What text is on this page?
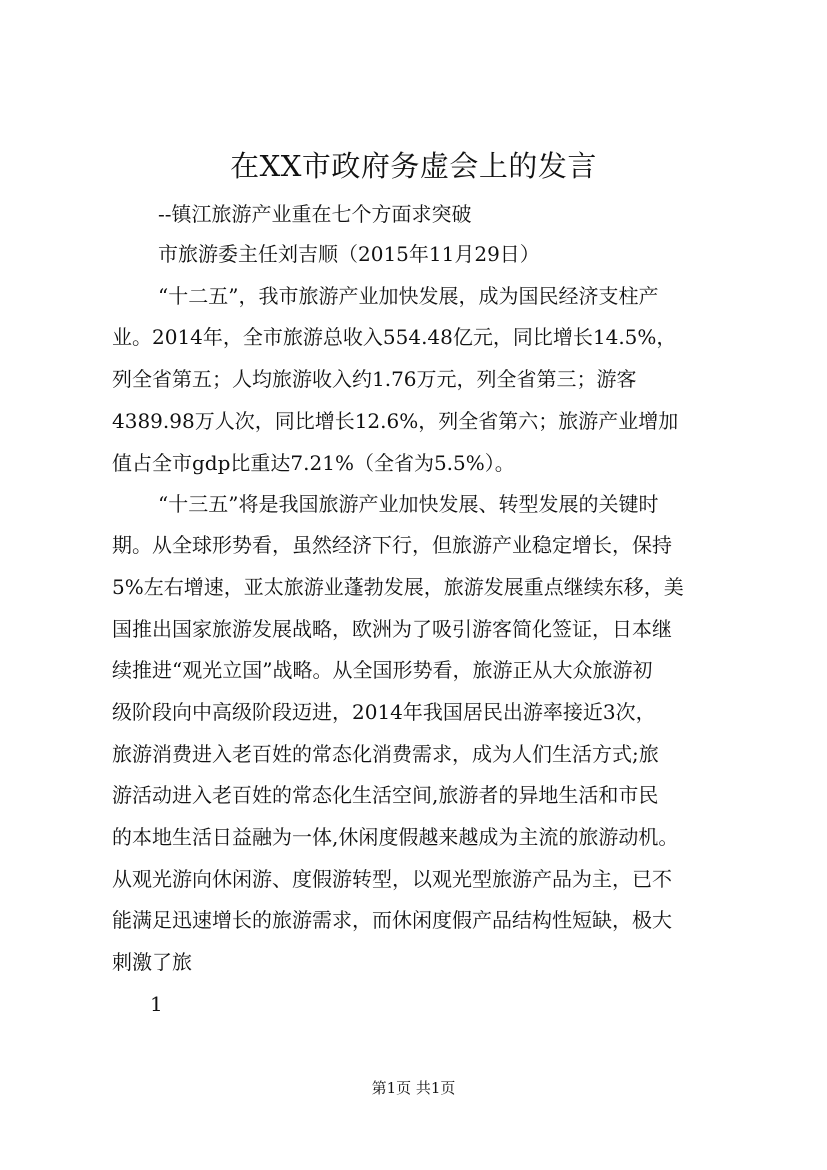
在XX市政府务虚会上的发言
--镇江旅游产业重在七个方面求突破
市旅游委主任刘吉顺（2015年11月29日）
“十二五”，我市旅游产业加快发展，成为国民经济支柱产
业。2014年，全市旅游总收入554.48亿元，同比增长14.5%，
列全省第五；人均旅游收入约1.76万元，列全省第三；游客
4389.98万人次，同比增长12.6%，列全省第六；旅游产业增加
值占全市gdp比重达7.21%（全省为5.5%）。
“十三五”将是我国旅游产业加快发展、转型发展的关键时
期。从全球形势看，虽然经济下行，但旅游产业稳定增长，保持
5%左右增速，亚太旅游业蓬勃发展，旅游发展重点继续东移，美
国推出国家旅游发展战略，欧洲为了吸引游客简化签证，日本继
续推进“观光立国”战略。从全国形势看，旅游正从大众旅游初
级阶段向中高级阶段迈进，2014年我国居民出游率接近3次，
旅游消费进入老百姓的常态化消费需求，成为人们生活方式;旅
游活动进入老百姓的常态化生活空间,旅游者的异地生活和市民
的本地生活日益融为一体,休闲度假越来越成为主流的旅游动机。
从观光游向休闲游、度假游转型，以观光型旅游产品为主，已不
能满足迅速增长的旅游需求，而休闲度假产品结构性短缺，极大
刺激了旅
1
第1页 共1页
